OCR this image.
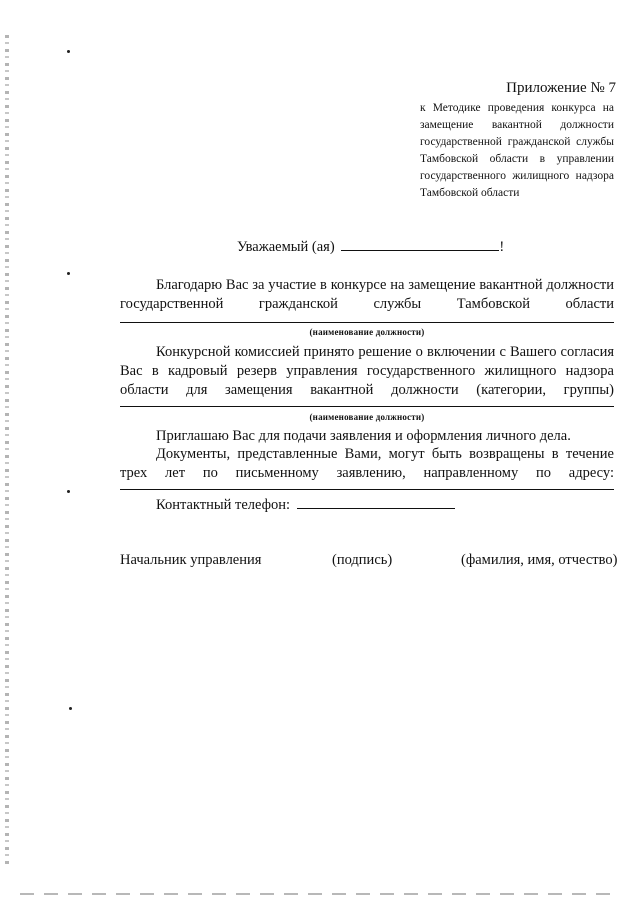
Приложение № 7
к Методике проведения конкурса на замещение вакантной должности государственной гражданской службы Тамбовской области в управлении государственного жилищного надзора Тамбовской области
Уважаемый (ая)	!
Благодарю Вас за участие в конкурсе на замещение вакантной должности
государственной гражданской службы Тамбовской области
(наименование должности)
Конкурсной комиссией принято решение о включении с Вашего согласия Вас в кадровый резерв управления государственного жилищного надзора области для замещения вакантной должности (категории, группы)
(наименование должности)
Приглашаю Вас для подачи заявления и оформления личного дела.
Документы, представленные Вами, могут быть возвращены в течение трех лет по письменному заявлению, направленному по адресу:
Контактный телефон:
Начальник управления	(подпись)	(фамилия, имя, отчество)
